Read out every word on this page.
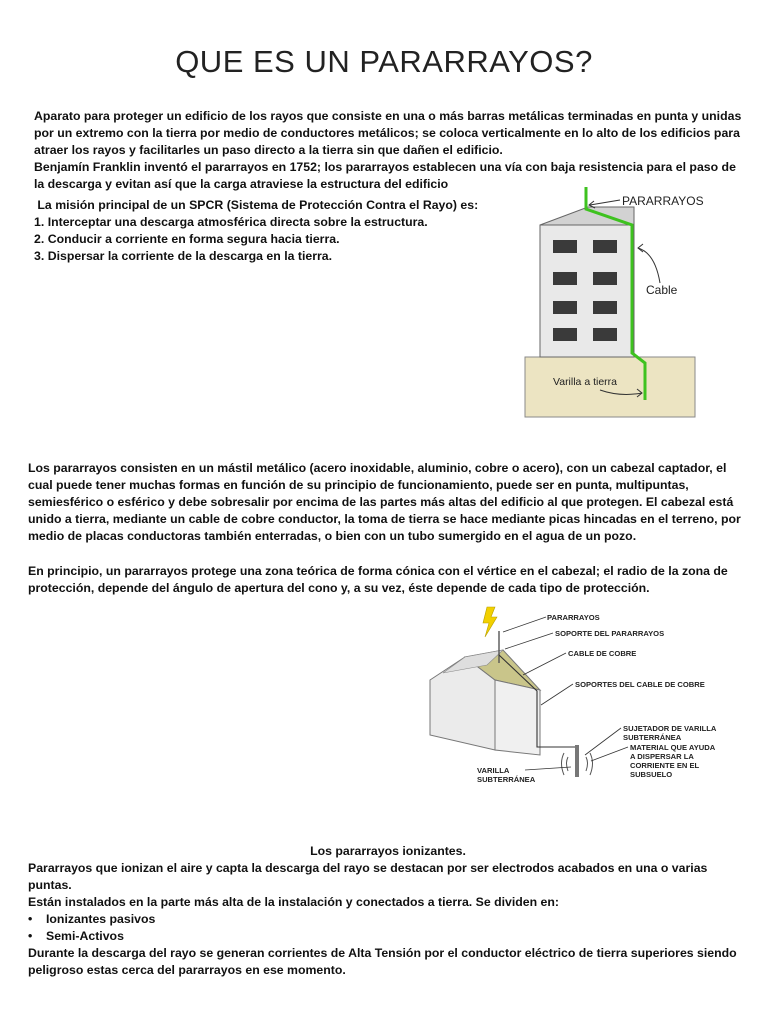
QUE ES UN PARARRAYOS?

Aparato para proteger un edificio de los rayos que consiste en una o más barras metálicas terminadas en punta y unidas por un extremo con la tierra por medio de conductores metálicos; se coloca verticalmente en lo alto de los edificios para atraer los rayos y facilitarles un paso directo a la tierra sin que dañen el edificio.

Benjamín Franklin inventó el pararrayos en 1752; los pararrayos establecen una vía con baja resistencia para el paso de la descarga y evitan así que la carga atraviese la estructura del edificio

La misión principal de un SPCR (Sistema de Protección Contra el Rayo) es:

1. Interceptar una descarga atmosférica directa sobre la estructura.

2. Conducir a corriente en forma segura hacia tierra.

3. Dispersar la corriente de la descarga en la tierra.

PARARRAYOS
Cable
Varilla a tierra

Los pararrayos consisten en un mástil metálico (acero inoxidable, aluminio, cobre o acero), con un cabezal captador, el cual puede tener muchas formas en función de su principio de funcionamiento, puede ser en punta, multipuntas, semiesférico o esférico y debe sobresalir por encima de las partes más altas del edificio al que protegen. El cabezal está unido a tierra, mediante un cable de cobre conductor, la toma de tierra se hace mediante picas hincadas en el terreno, por medio de placas conductoras también enterradas, o bien con un tubo sumergido en el agua de un pozo.

En principio, un pararrayos protege una zona teórica de forma cónica con el vértice en el cabezal; el radio de la zona de protección, depende del ángulo de apertura del cono y, a su vez, éste depende de cada tipo de protección.

PARARRAYOS
SOPORTE DEL PARARRAYOS
CABLE DE COBRE
SOPORTES DEL CABLE DE COBRE
SUJETADOR DE VARILLA
SUBTERRÁNEA
MATERIAL QUE AYUDA
A DISPERSAR LA
CORRIENTE EN EL
SUBSUELO
VARILLA
SUBTERRÁNEA

Los pararrayos ionizantes.

Pararrayos que ionizan el aire y capta la descarga del rayo se destacan por ser electrodos acabados en una o varias puntas.

Están instalados en la parte más alta de la instalación y conectados a tierra. Se dividen en:

• Ionizantes pasivos

• Semi-Activos

Durante la descarga del rayo se generan corrientes de Alta Tensión por el conductor eléctrico de tierra superiores siendo peligroso estas cerca del pararrayos en ese momento.
